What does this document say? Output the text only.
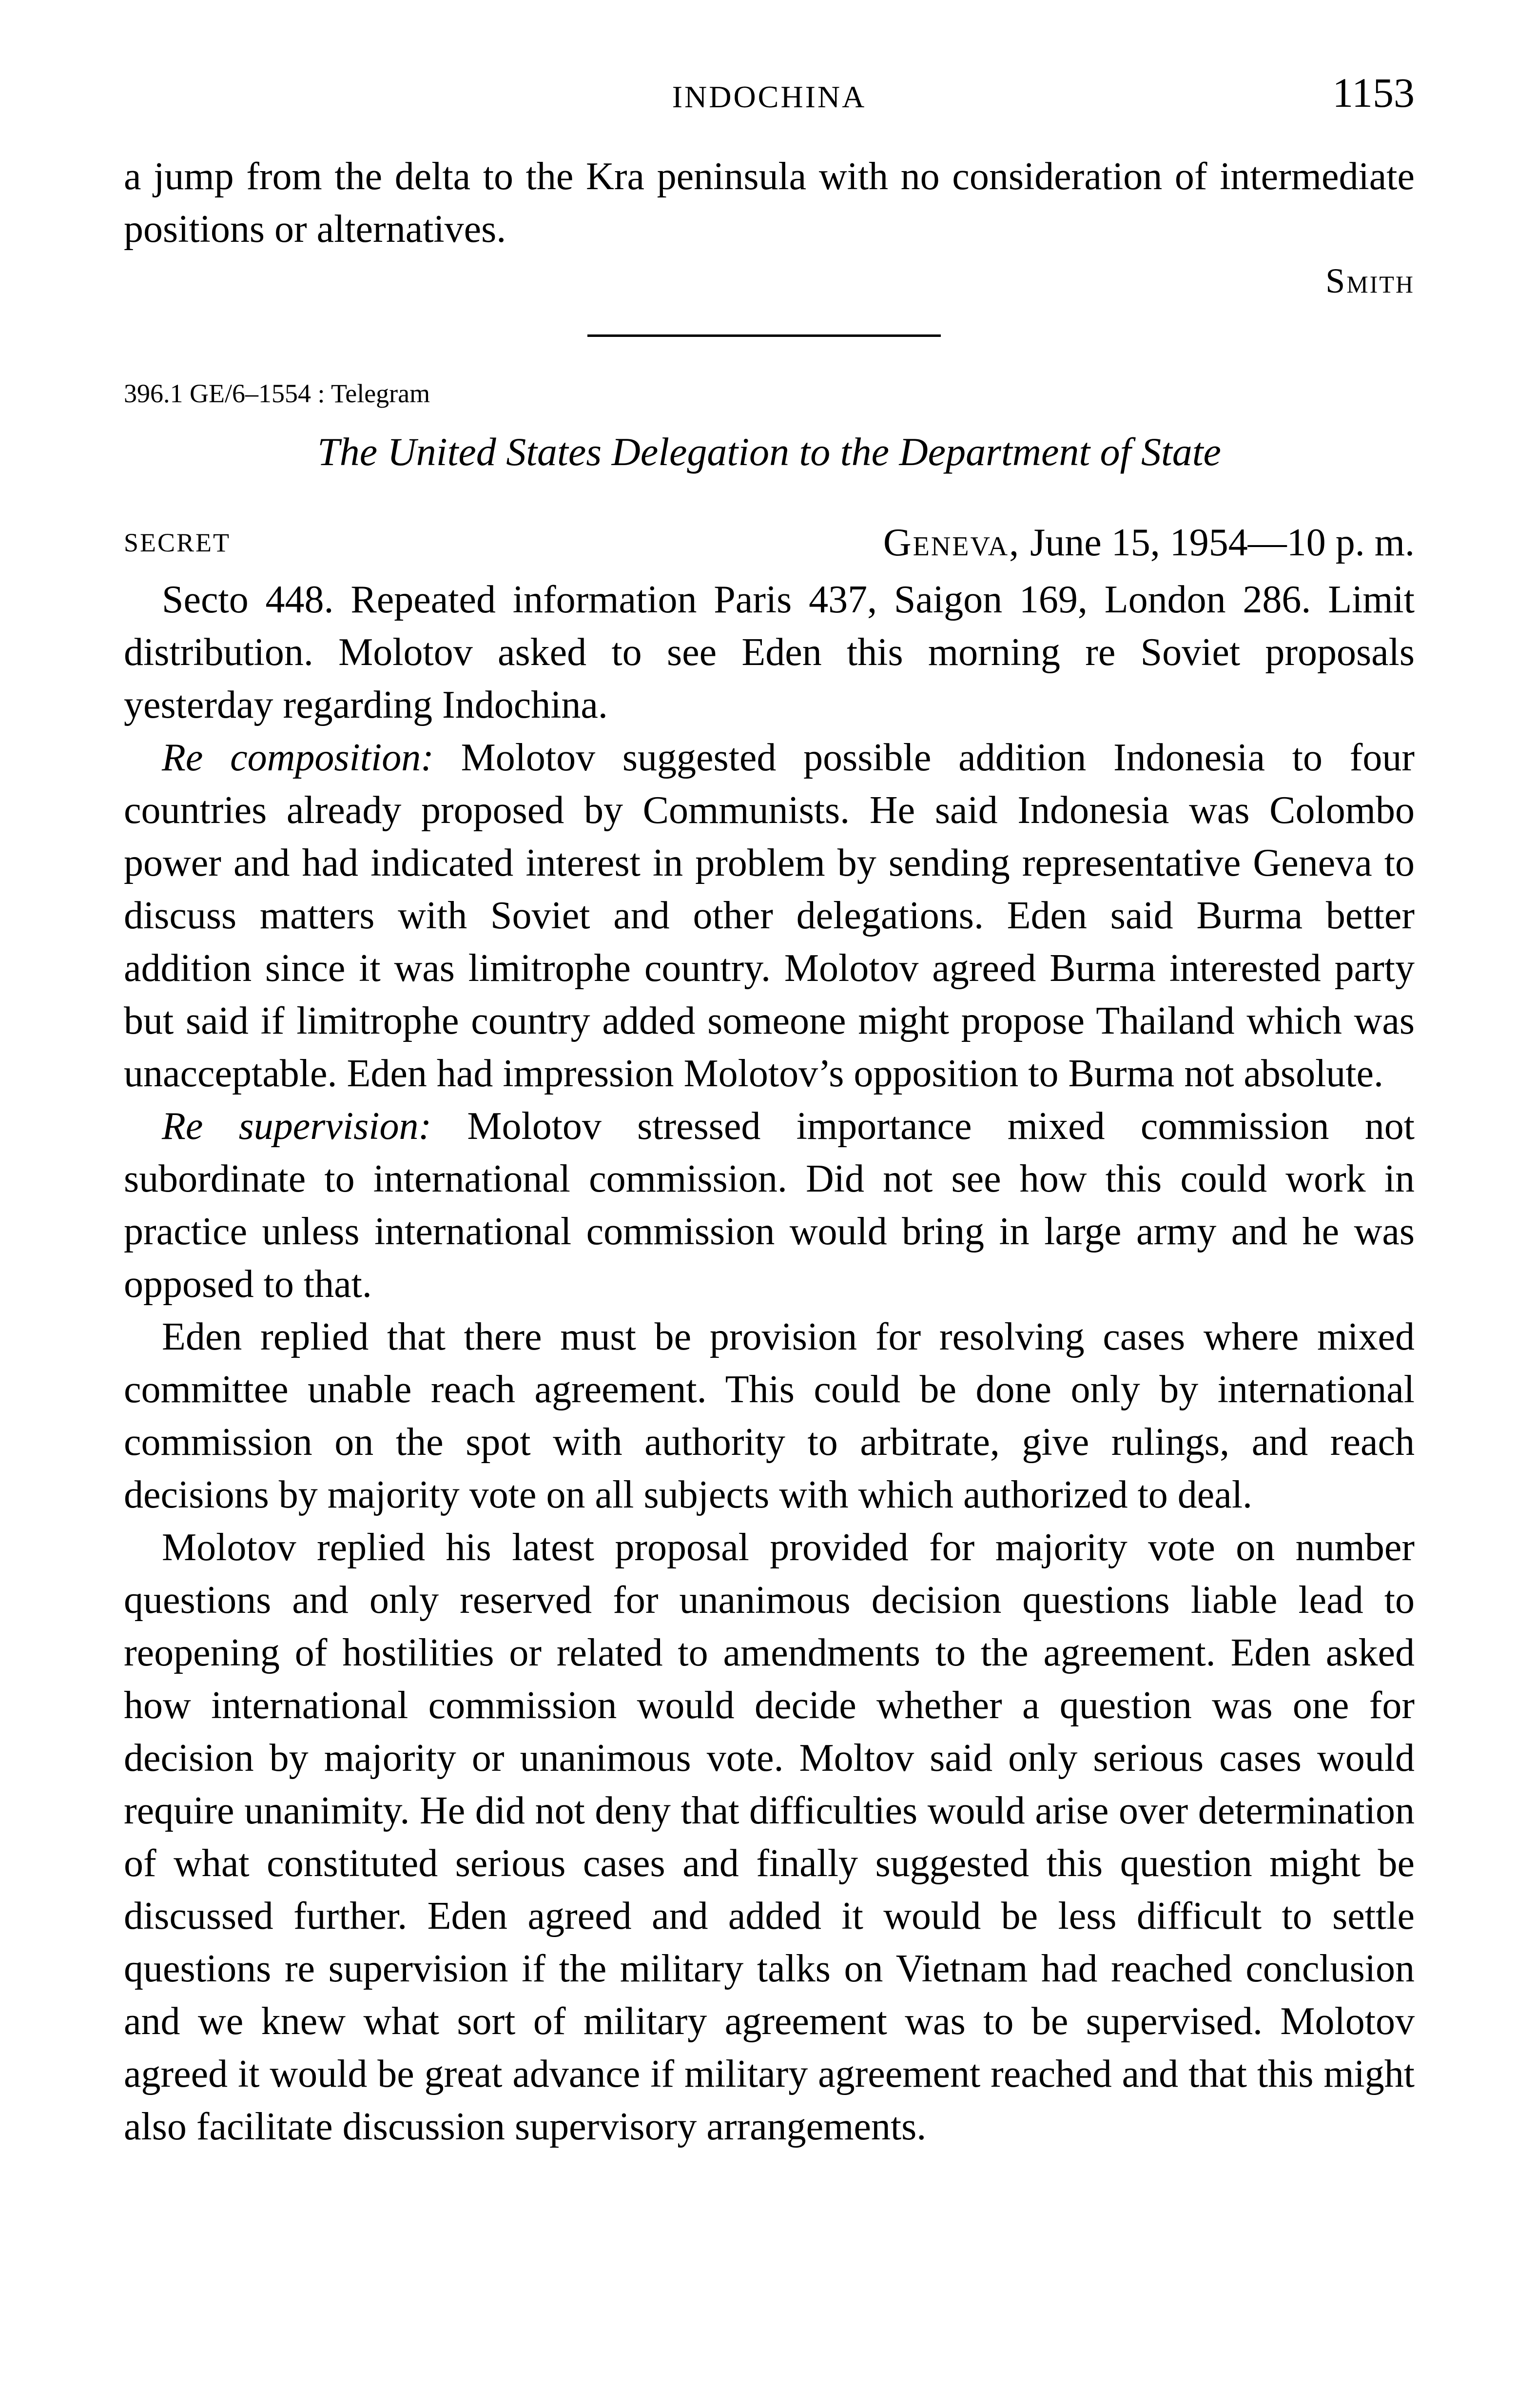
INDOCHINA	1153

a jump from the delta to the Kra peninsula with no consideration of intermediate positions or alternatives.

Smith
396.1 GE/6–1554 : Telegram
The United States Delegation to the Department of State
SECRET	Geneva, June 15, 1954—10 p. m.

Secto 448. Repeated information Paris 437, Saigon 169, London 286. Limit distribution. Molotov asked to see Eden this morning re Soviet proposals yesterday regarding Indochina.

Re composition: Molotov suggested possible addition Indonesia to four countries already proposed by Communists. He said Indonesia was Colombo power and had indicated interest in problem by sending representative Geneva to discuss matters with Soviet and other delegations. Eden said Burma better addition since it was limitrophe country. Molotov agreed Burma interested party but said if limitrophe country added someone might propose Thailand which was unacceptable. Eden had impression Molotov’s opposition to Burma not absolute.

Re supervision: Molotov stressed importance mixed commission not subordinate to international commission. Did not see how this could work in practice unless international commission would bring in large army and he was opposed to that.

Eden replied that there must be provision for resolving cases where mixed committee unable reach agreement. This could be done only by international commission on the spot with authority to arbitrate, give rulings, and reach decisions by majority vote on all subjects with which authorized to deal.

Molotov replied his latest proposal provided for majority vote on number questions and only reserved for unanimous decision questions liable lead to reopening of hostilities or related to amendments to the agreement. Eden asked how international commission would decide whether a question was one for decision by majority or unanimous vote. Moltov said only serious cases would require unanimity. He did not deny that difficulties would arise over determination of what constituted serious cases and finally suggested this question might be discussed further. Eden agreed and added it would be less difficult to settle questions re supervision if the military talks on Vietnam had reached conclusion and we knew what sort of military agreement was to be supervised. Molotov agreed it would be great advance if military agreement reached and that this might also facilitate discussion supervisory arrangements.
